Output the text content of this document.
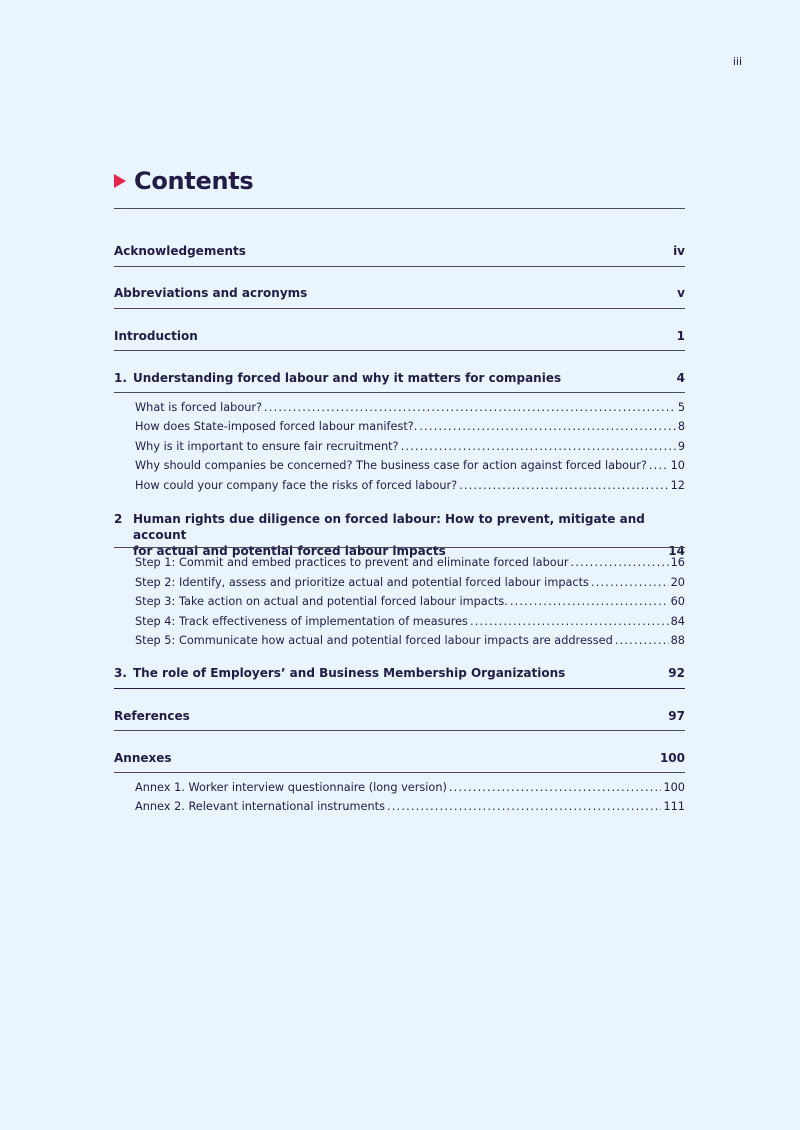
iii
Contents
Acknowledgements	iv
Abbreviations and acronyms	v
Introduction	1
1. Understanding forced labour and why it matters for companies	4
What is forced labour? . . .	5
How does State-imposed forced labour manifest?. . . .	8
Why is it important to ensure fair recruitment? . . .	9
Why should companies be concerned? The business case for action against forced labour? . . . 10
How could your company face the risks of forced labour? . . .	12
2 Human rights due diligence on forced labour: How to prevent, mitigate and account
for actual and potential forced labour impacts	14
Step 1: Commit and embed practices to prevent and eliminate forced labour . . .	16
Step 2: Identify, assess and prioritize actual and potential forced labour impacts . . .	20
Step 3: Take action on actual and potential forced labour impacts. . . .	60
Step 4: Track effectiveness of implementation of measures . . .	84
Step 5: Communicate how actual and potential forced labour impacts are addressed . . .	88
3. The role of Employers’ and Business Membership Organizations	92
References	97
Annexes	100
Annex 1. Worker interview questionnaire (long version) . . .	100
Annex 2. Relevant international instruments . . .	111
